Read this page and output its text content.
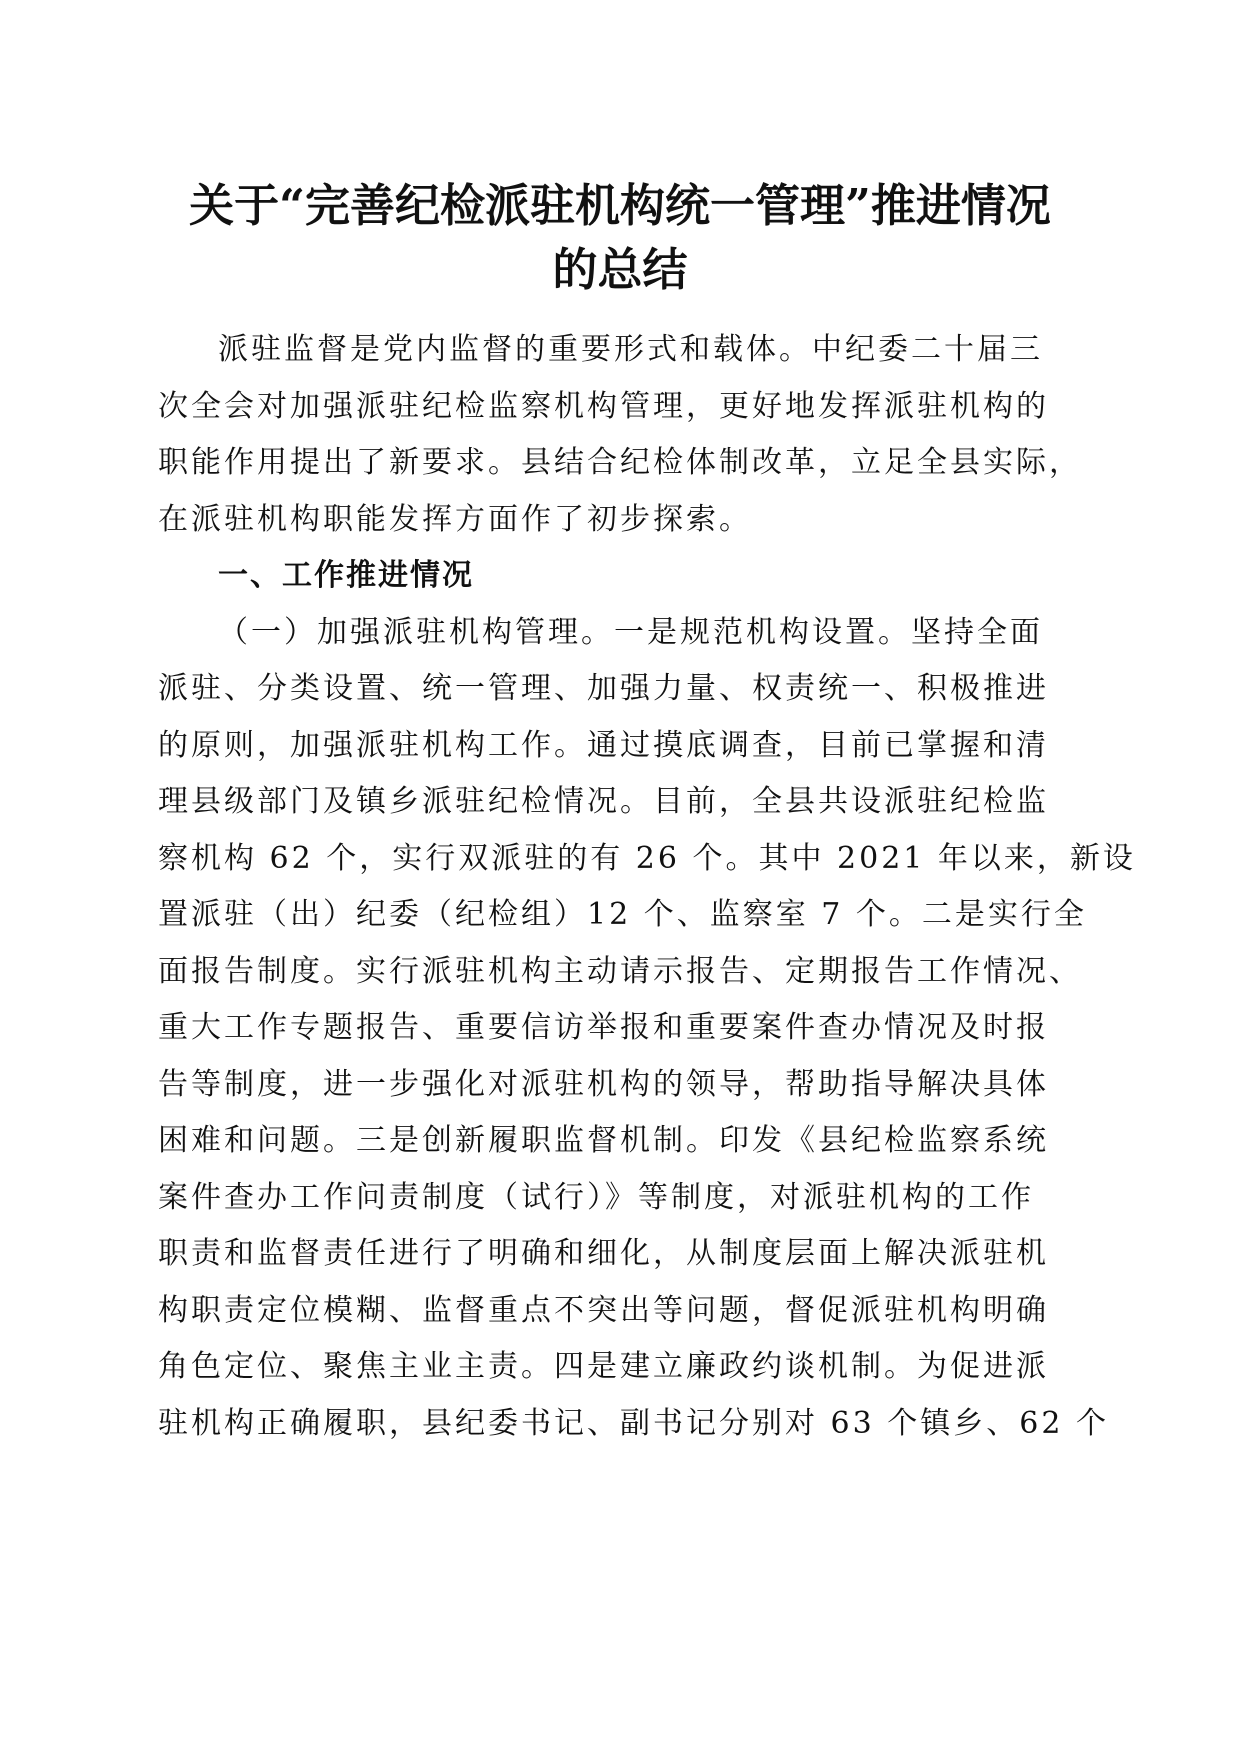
关于“完善纪检派驻机构统一管理”推进情况
的总结
派驻监督是党内监督的重要形式和载体。中纪委二十届三
次全会对加强派驻纪检监察机构管理，更好地发挥派驻机构的
职能作用提出了新要求。县结合纪检体制改革，立足全县实际，
在派驻机构职能发挥方面作了初步探索。
一、工作推进情况
（一）加强派驻机构管理。一是规范机构设置。坚持全面
派驻、分类设置、统一管理、加强力量、权责统一、积极推进
的原则，加强派驻机构工作。通过摸底调查，目前已掌握和清
理县级部门及镇乡派驻纪检情况。目前，全县共设派驻纪检监
察机构 62 个，实行双派驻的有 26 个。其中 2021 年以来，新设
置派驻（出）纪委（纪检组）12 个、监察室 7 个。二是实行全
面报告制度。实行派驻机构主动请示报告、定期报告工作情况、
重大工作专题报告、重要信访举报和重要案件查办情况及时报
告等制度，进一步强化对派驻机构的领导，帮助指导解决具体
困难和问题。三是创新履职监督机制。印发《县纪检监察系统
案件查办工作问责制度（试行）》等制度，对派驻机构的工作
职责和监督责任进行了明确和细化，从制度层面上解决派驻机
构职责定位模糊、监督重点不突出等问题，督促派驻机构明确
角色定位、聚焦主业主责。四是建立廉政约谈机制。为促进派
驻机构正确履职，县纪委书记、副书记分别对 63 个镇乡、62 个
